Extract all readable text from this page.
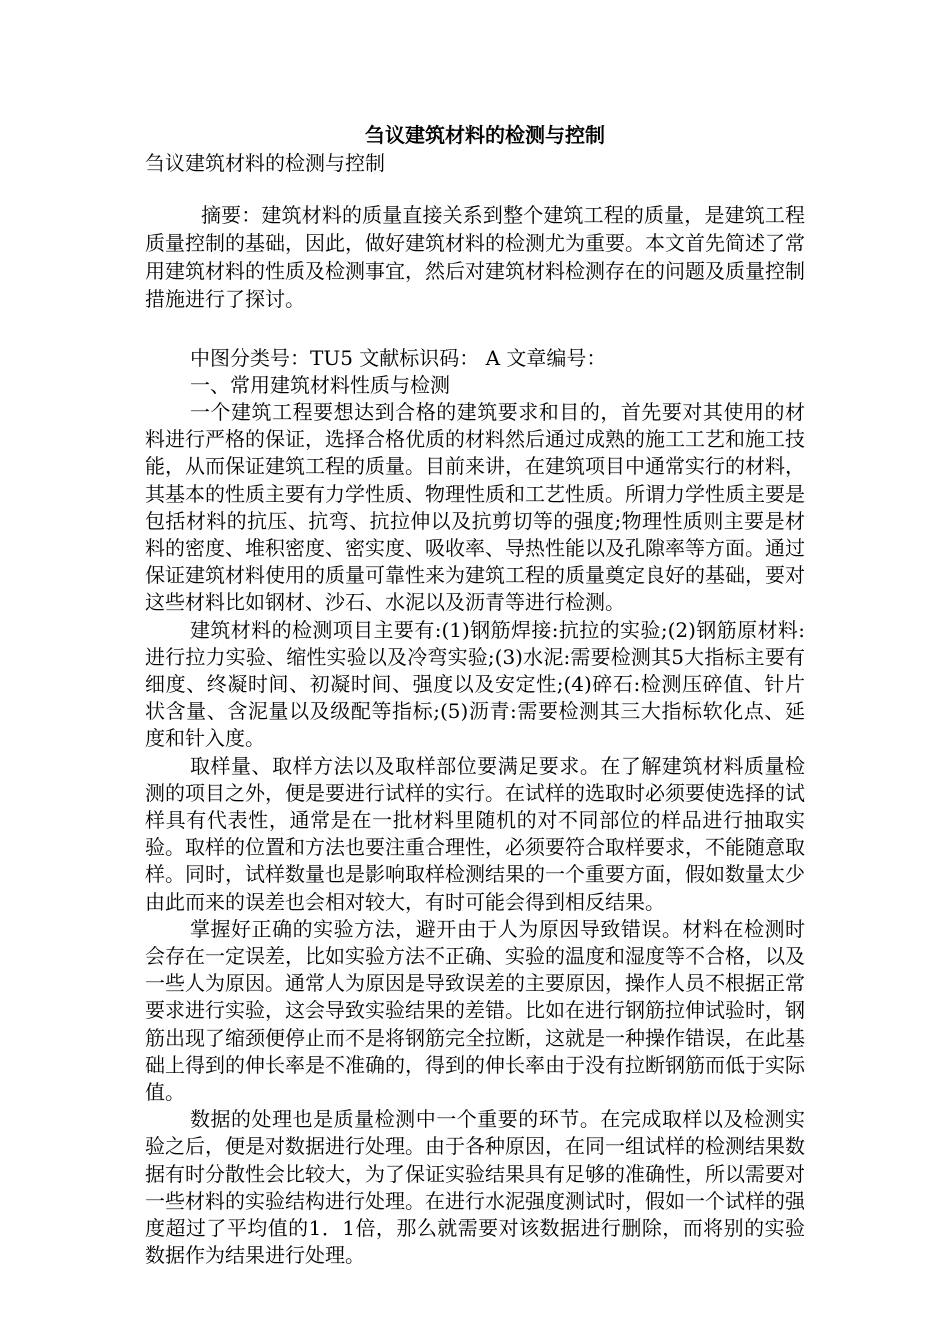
刍议建筑材料的检测与控制

刍议建筑材料的检测与控制

摘要：建筑材料的质量直接关系到整个建筑工程的质量，是建筑工程质量控制的基础，因此，做好建筑材料的检测尤为重要。本文首先简述了常用建筑材料的性质及检测事宜，然后对建筑材料检测存在的问题及质量控制措施进行了探讨。

中图分类号：TU5 文献标识码： A 文章编号：

一、常用建筑材料性质与检测

一个建筑工程要想达到合格的建筑要求和目的，首先要对其使用的材料进行严格的保证，选择合格优质的材料然后通过成熟的施工工艺和施工技能，从而保证建筑工程的质量。目前来讲，在建筑项目中通常实行的材料，其基本的性质主要有力学性质、物理性质和工艺性质。所谓力学性质主要是包括材料的抗压、抗弯、抗拉伸以及抗剪切等的强度;物理性质则主要是材料的密度、堆积密度、密实度、吸收率、导热性能以及孔隙率等方面。通过保证建筑材料使用的质量可靠性来为建筑工程的质量奠定良好的基础，要对这些材料比如钢材、沙石、水泥以及沥青等进行检测。

建筑材料的检测项目主要有:(1)钢筋焊接:抗拉的实验;(2)钢筋原材料:进行拉力实验、缩性实验以及冷弯实验;(3)水泥:需要检测其5大指标主要有细度、终凝时间、初凝时间、强度以及安定性;(4)碎石:检测压碎值、针片状含量、含泥量以及级配等指标;(5)沥青:需要检测其三大指标软化点、延度和针入度。

取样量、取样方法以及取样部位要满足要求。在了解建筑材料质量检测的项目之外，便是要进行试样的实行。在试样的选取时必须要使选择的试样具有代表性，通常是在一批材料里随机的对不同部位的样品进行抽取实验。取样的位置和方法也要注重合理性，必须要符合取样要求，不能随意取样。同时，试样数量也是影响取样检测结果的一个重要方面，假如数量太少由此而来的误差也会相对较大，有时可能会得到相反结果。

掌握好正确的实验方法，避开由于人为原因导致错误。材料在检测时会存在一定误差，比如实验方法不正确、实验的温度和湿度等不合格，以及一些人为原因。通常人为原因是导致误差的主要原因，操作人员不根据正常要求进行实验，这会导致实验结果的差错。比如在进行钢筋拉伸试验时，钢筋出现了缩颈便停止而不是将钢筋完全拉断，这就是一种操作错误，在此基础上得到的伸长率是不准确的，得到的伸长率由于没有拉断钢筋而低于实际值。

数据的处理也是质量检测中一个重要的环节。在完成取样以及检测实验之后，便是对数据进行处理。由于各种原因，在同一组试样的检测结果数据有时分散性会比较大，为了保证实验结果具有足够的准确性，所以需要对一些材料的实验结构进行处理。在进行水泥强度测试时，假如一个试样的强度超过了平均值的1．1倍，那么就需要对该数据进行删除，而将别的实验数据作为结果进行处理。
